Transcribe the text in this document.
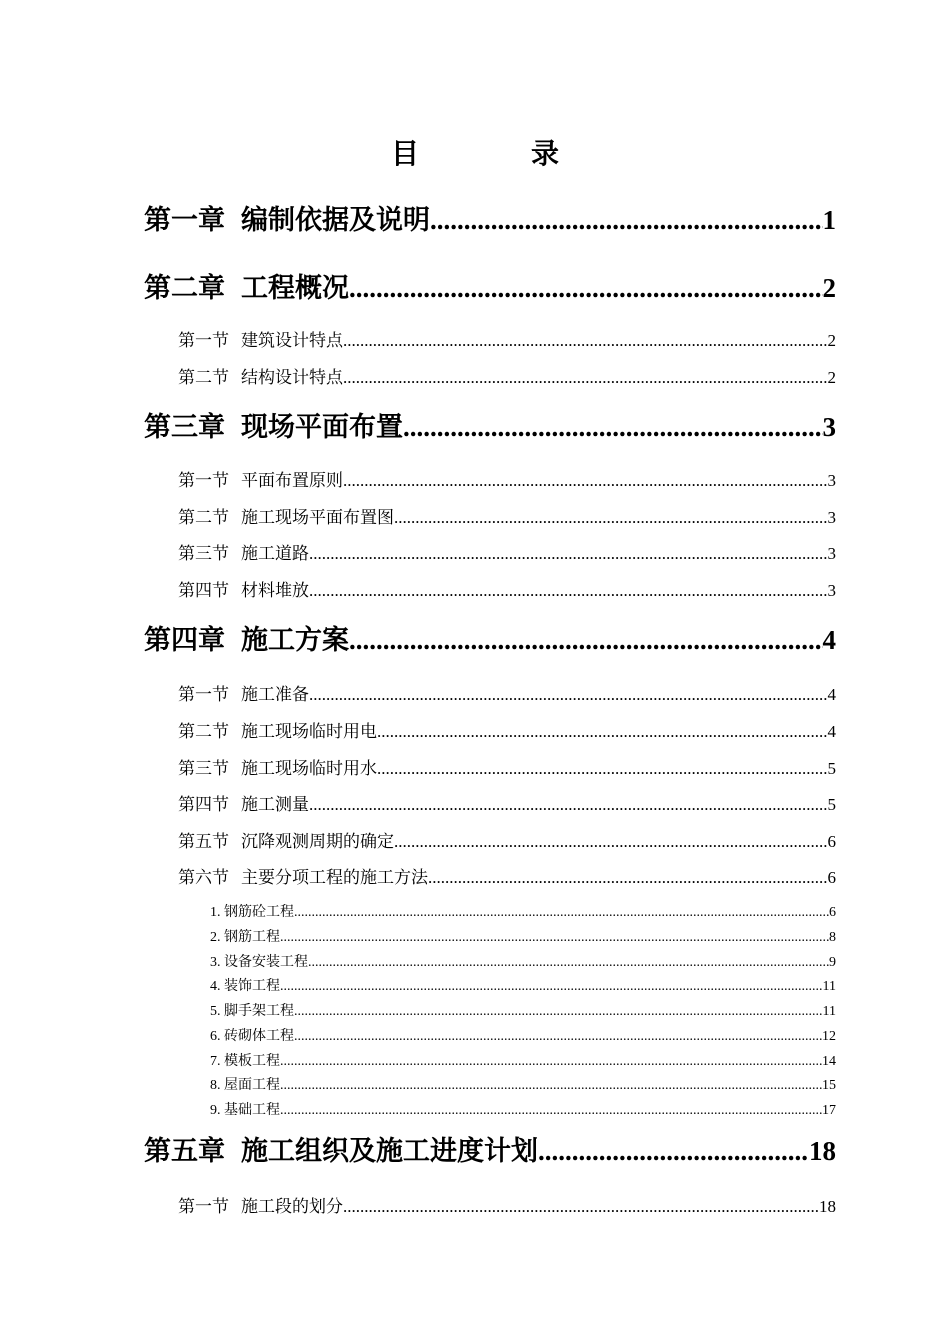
目	录
第一章 编制依据及说明 .....	1
第二章 工程概况 .....	2
第一节 建筑设计特点 .....	2
第二节 结构设计特点 .....	2
第三章 现场平面布置 .....	3
第一节 平面布置原则 .....	3
第二节 施工现场平面布置图 .....	3
第三节 施工道路 .....	3
第四节 材料堆放 .....	3
第四章 施工方案 .....	4
第一节 施工准备 .....	4
第二节 施工现场临时用电 .....	4
第三节 施工现场临时用水 .....	5
第四节 施工测量 .....	5
第五节 沉降观测周期的确定 .....	6
第六节 主要分项工程的施工方法 .....	6
1. 钢筋砼工程 .....	6
2. 钢筋工程 .....	8
3. 设备安装工程 .....	9
4. 装饰工程 .....	11
5. 脚手架工程 .....	11
6. 砖砌体工程 .....	12
7. 模板工程 .....	14
8. 屋面工程 .....	15
9. 基础工程 .....	17
第五章 施工组织及施工进度计划 .....	18
第一节 施工段的划分 .....	18
